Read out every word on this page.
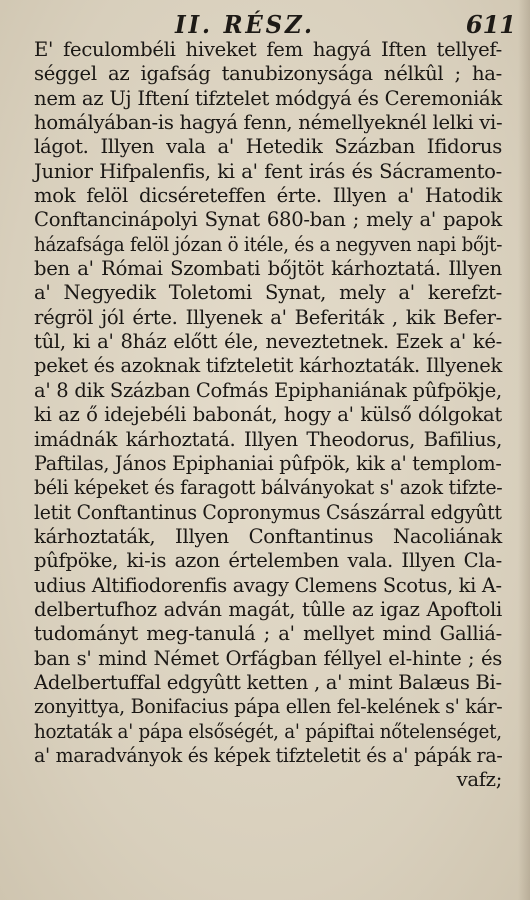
II. RÉSZ.	611
E' feculombéli hiveket fem hagyá Iften tellyef-
séggel az igafság tanubizonysága nélkûl ; ha-
nem az Uj Iftení tifztelet módgyá és Ceremoniák
homályában-is hagyá fenn, némellyeknél lelki vi-
lágot. Illyen vala a' Hetedik Százban Ifidorus
Junior Hifpalenfis, ki a' fent irás és Sácramento-
mok felöl dicséreteffen érte. Illyen a' Hatodik
Conftancinápolyi Synat 680-ban ; mely a' papok
házafsága felöl józan ö itéle, és a negyven napi bőjt-
ben a' Római Szombati bőjtöt kárhoztatá. Illyen
a' Negyedik Toletomi Synat, mely a' kerefzt-
régröl jól érte. Illyenek a' Beferiták , kik Befer-
tûl, ki a' 8ház előtt éle, neveztetnek. Ezek a' ké-
peket és azoknak tifzteletit kárhoztaták. Illyenek
a' 8 dik Százban Cofmás Epiphaniának pûfpökje,
ki az ő idejebéli babonát, hogy a' külső dólgokat
imádnák kárhoztatá. Illyen Theodorus, Bafilius,
Paftilas, János Epiphaniai pûfpök, kik a' templom-
béli képeket és faragott bálványokat s' azok tifzte-
letit Conftantinus Copronymus Császárral edgyûtt
kárhoztaták, Illyen Conftantinus Nacoliának
pûfpöke, ki-is azon értelemben vala. Illyen Cla-
udius Altifiodorenfis avagy Clemens Scotus, ki A-
delbertufhoz adván magát, tûlle az igaz Apoftoli
tudományt meg-tanulá ; a' mellyet mind Galliá-
ban s' mind Német Orfágban féllyel el-hinte ; és
Adelbertuffal edgyûtt ketten , a' mint Balæus Bi-
zonyittya, Bonifacius pápa ellen fel-kelének s' kár-
hoztaták a' pápa elsőségét, a' pápiftai nőtelenséget,
a' maradványok és képek tifzteletit és a' pápák ra-
vafz;
